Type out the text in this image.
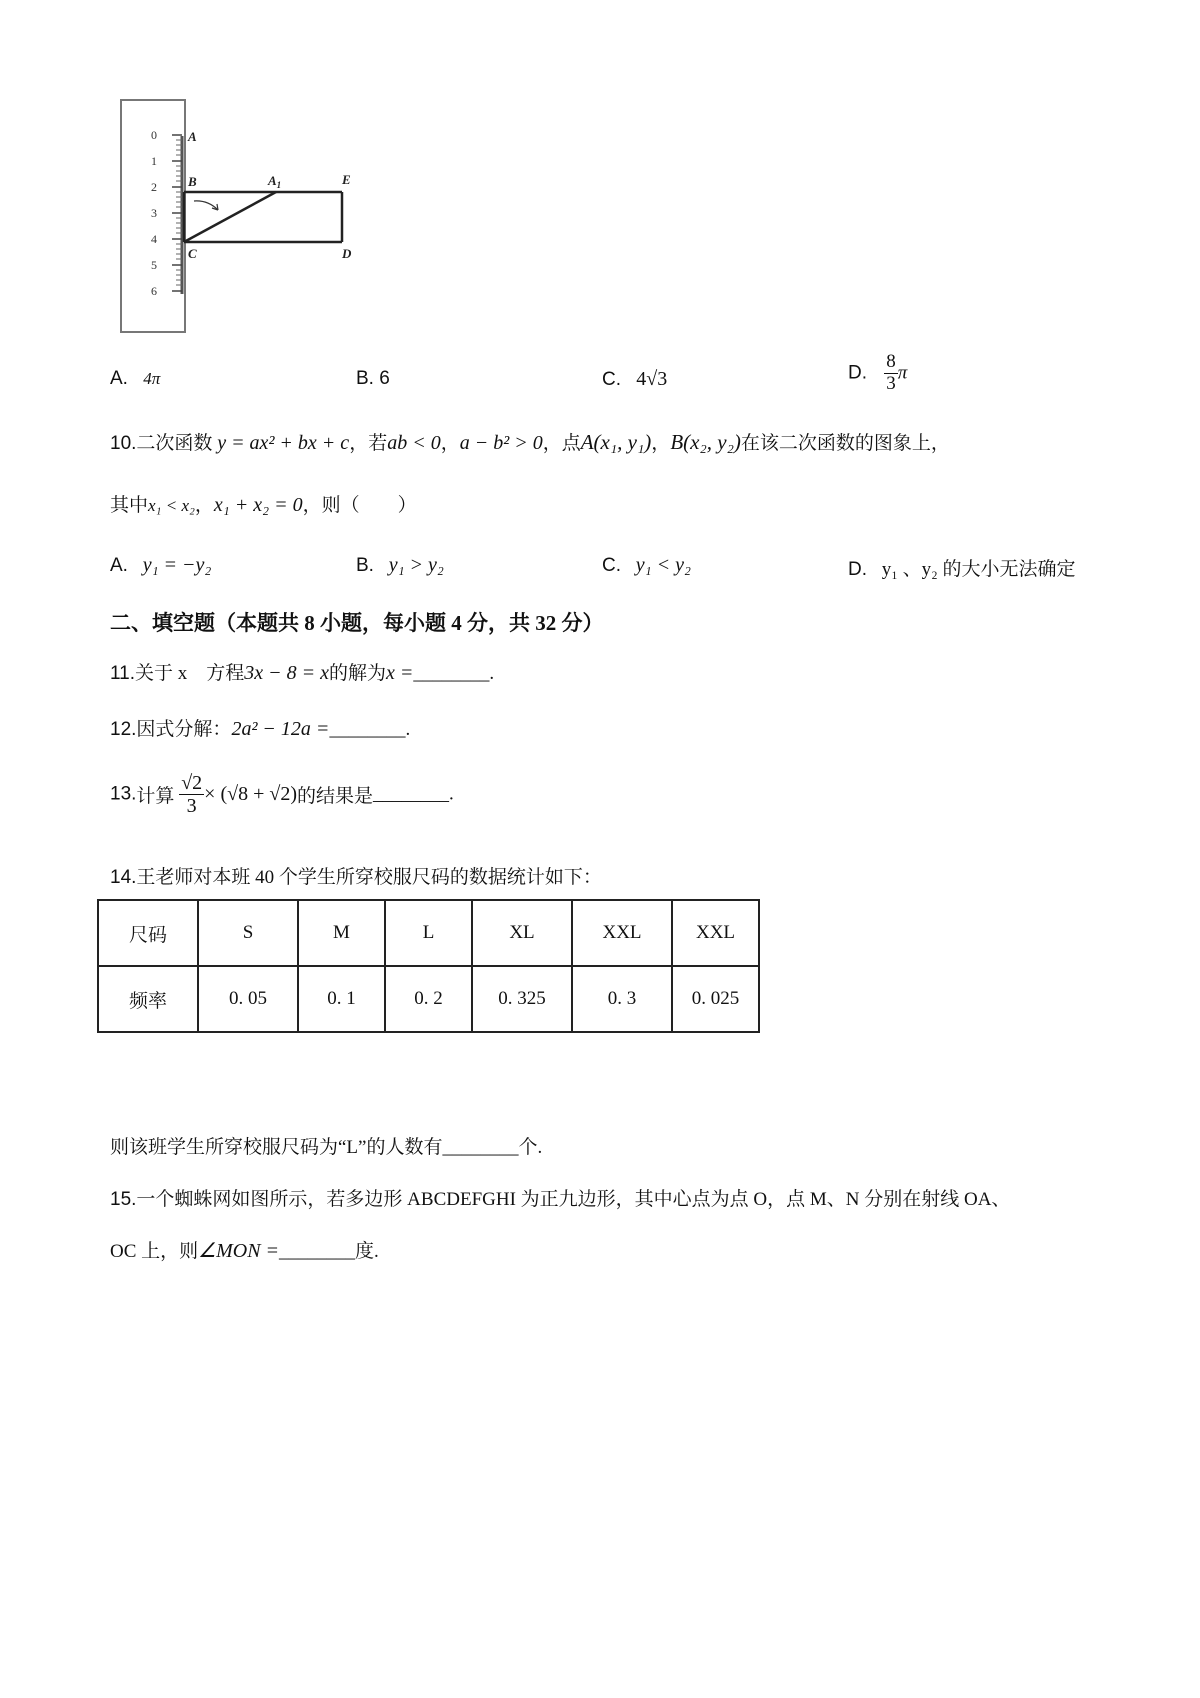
0
1
2
3
4
5
6
A
B	$A_1$	E
C	D
A. 4π	B. 6	C. 4√3	D. $\frac{8}{3}$ π
10.二次函数 y = ax² + bx + c，若ab < 0，a − b² > 0，点A(x₁, y₁)，B(x₂, y₂)在该二次函数的图象上，
其中x₁ < x₂，x₁ + x₂ = 0，则（　　）
A. y₁ = −y₂	B. y₁ > y₂	C. y₁ < y₂	D. y₁ 、y₂ 的大小无法确定
二、填空题（本题共 8 小题，每小题 4 分，共 32 分）
11.关于 x　方程3x − 8 = x的解为x =________.
12.因式分解：2a² − 12a =________.
13.计算 $\frac{√2}{3} \times (√8 + √2)$的结果是________.
14.王老师对本班 40 个学生所穿校服尺码的数据统计如下：
尺码	S	M	L	XL	XXL	XXL
频率	0. 05	0. 1	0. 2	0. 325	0. 3	0. 025
则该班学生所穿校服尺码为“L”的人数有________个.
15.一个蜘蛛网如图所示，若多边形 ABCDEFGHI 为正九边形，其中心点为点 O，点 M、N 分别在射线 OA、
OC 上，则∠MON =________度.
